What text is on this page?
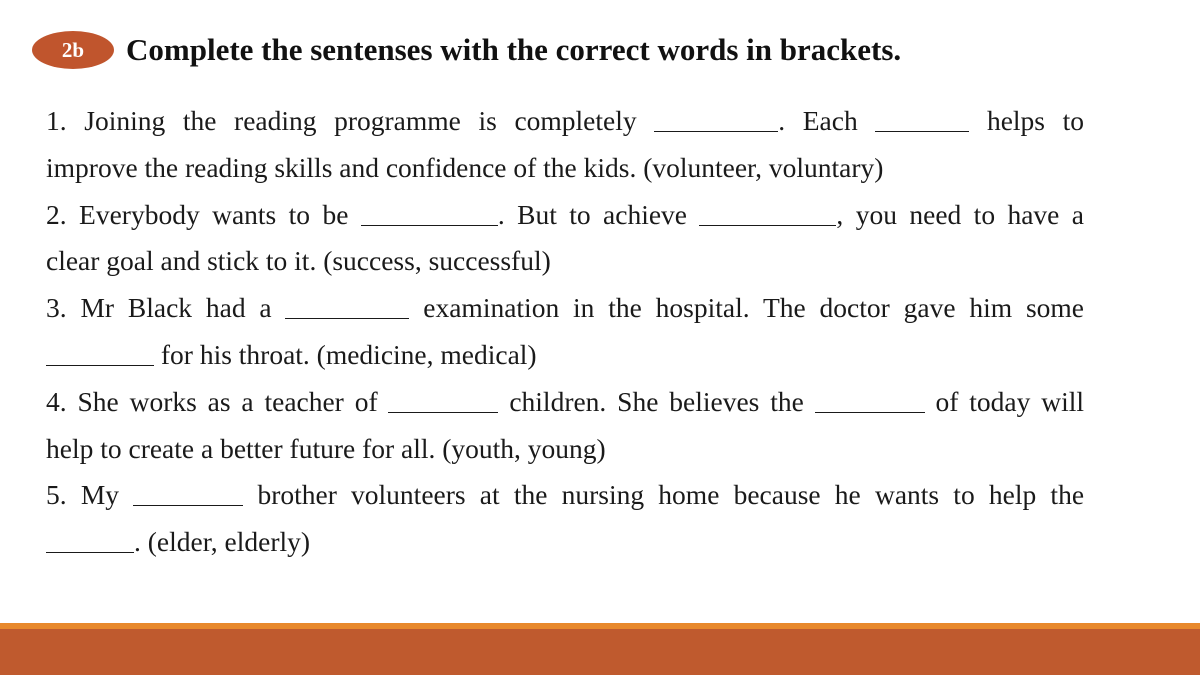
2b	Complete the sentenses with the correct words in brackets.
1. Joining the reading programme is completely	. Each	helps to
improve the reading skills and confidence of the kids. (volunteer, voluntary)
2. Everybody wants to be	. But to achieve	, you need to have a
clear goal and stick to it. (success, successful)
3. Mr Black had a	examination in the hospital. The doctor gave him some
for his throat. (medicine, medical)
4. She works as a teacher of	children. She believes the	of today will
help to create a better future for all. (youth, young)
5. My	brother volunteers at the nursing home because he wants to help the
. (elder, elderly)
